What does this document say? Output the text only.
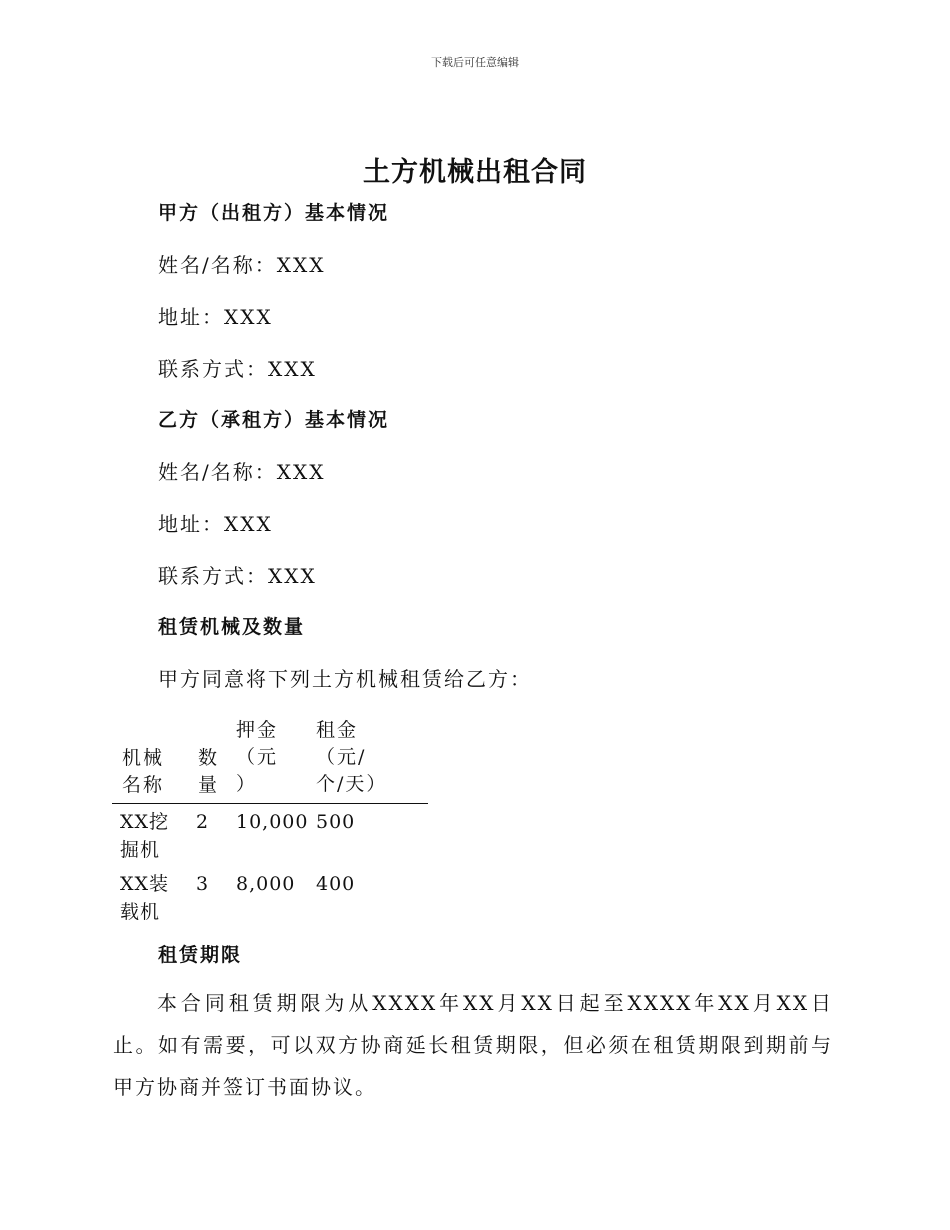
下载后可任意编辑
土方机械出租合同
甲方（出租方）基本情况
姓名/名称：XXX
地址：XXX
联系方式：XXX
乙方（承租方）基本情况
姓名/名称：XXX
地址：XXX
联系方式：XXX
租赁机械及数量
甲方同意将下列土方机械租赁给乙方：
机械
名称
数
量
押金
（元
）
租金
（元/
个/天）
XX挖
掘机
2 10,000 500
XX装
载机
3 8,000 400
租赁期限
本合同租赁期限为从XXXX年XX月XX日起至XXXX年XX月XX日止。如有需要，可以双方协商延长租赁期限，但必须在租赁期限到期前与甲方协商并签订书面协议。
